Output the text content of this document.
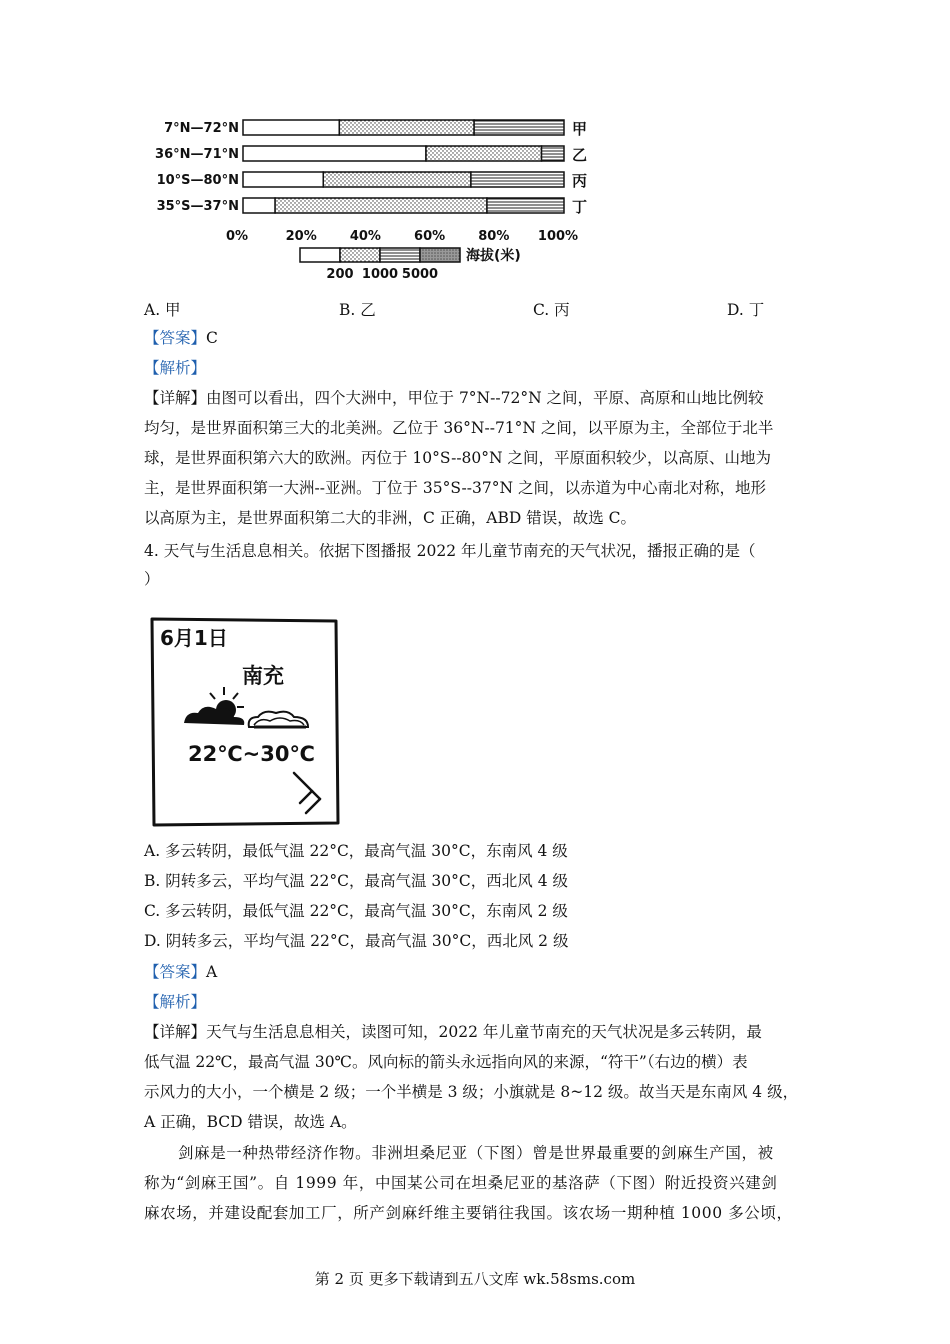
7°N—72°N	甲
36°N—71°N	乙
10°S—80°N	丙
35°S—37°N	丁
0%	20%	40%	60%	80% 100%
海拔(米)
200 1000 5000
A. 甲	B. 乙	C. 丙	D. 丁
【答案】C
【解析】
【详解】由图可以看出，四个大洲中，甲位于 7°N--72°N 之间，平原、高原和山地比例较
均匀，是世界面积第三大的北美洲。乙位于 36°N--71°N 之间，以平原为主，全部位于北半
球，是世界面积第六大的欧洲。丙位于 10°S--80°N 之间，平原面积较少，以高原、山地为
主，是世界面积第一大洲--亚洲。丁位于 35°S--37°N 之间，以赤道为中心南北对称，地形
以高原为主，是世界面积第二大的非洲，C 正确，ABD 错误，故选 C。
4. 天气与生活息息相关。依据下图播报 2022 年儿童节南充的天气状况，播报正确的是（
）
6月1日
南充
22℃~30℃
A. 多云转阴，最低气温 22°C，最高气温 30°C，东南风 4 级
B. 阴转多云，平均气温 22°C，最高气温 30°C，西北风 4 级
C. 多云转阴，最低气温 22°C，最高气温 30°C，东南风 2 级
D. 阴转多云，平均气温 22°C，最高气温 30°C，西北风 2 级
【答案】A
【解析】
【详解】天气与生活息息相关，读图可知，2022 年儿童节南充的天气状况是多云转阴，最
低气温 22℃，最高气温 30℃。风向标的箭头永远指向风的来源，“符干”（右边的横）表
示风力的大小，一个横是 2 级；一个半横是 3 级；小旗就是 8~12 级。故当天是东南风 4 级，
A 正确，BCD 错误，故选 A。
剑麻是一种热带经济作物。非洲坦桑尼亚（下图）曾是世界最重要的剑麻生产国，被
称为“剑麻王国”。自 1999 年，中国某公司在坦桑尼亚的基洛萨（下图）附近投资兴建剑
麻农场，并建设配套加工厂，所产剑麻纤维主要销往我国。该农场一期种植 1000 多公顷，
第 2 页 更多下载请到五八文库 wk.58sms.com
